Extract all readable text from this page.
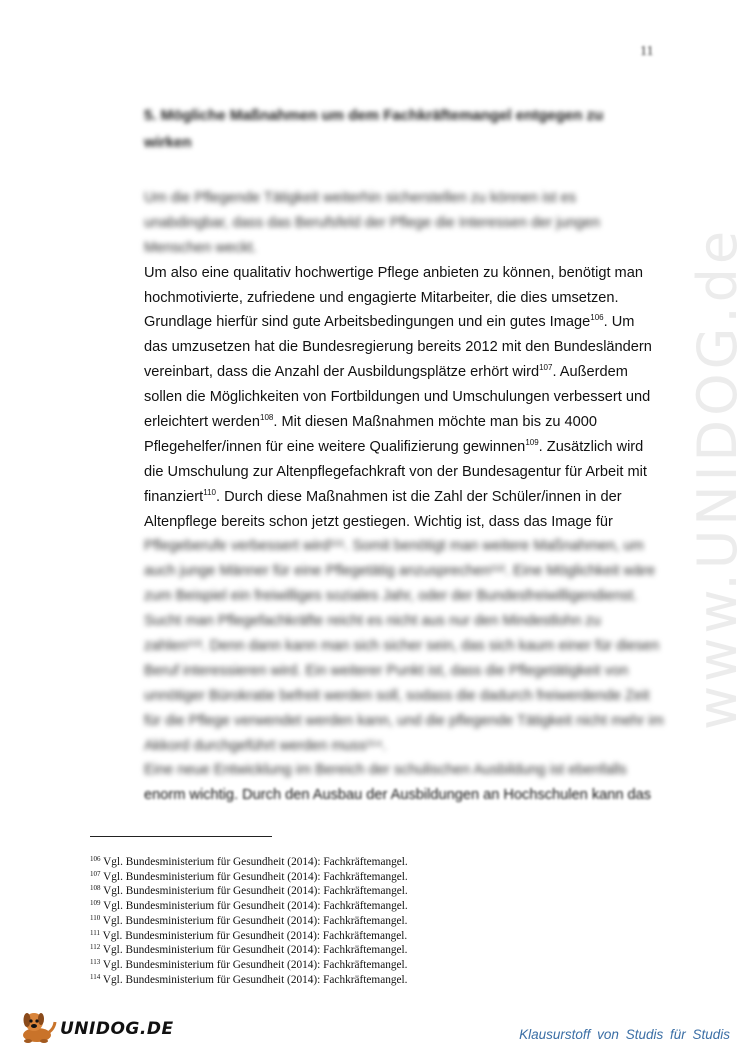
11
5. Mögliche Maßnahmen um dem Fachkräftemangel entgegen zu wirken
www.UNIDOG.de
Um die Pflegende Tätigkeit weiterhin sicherstellen zu können ist es
unabdingbar, dass das Berufsfeld der Pflege die Interessen der jungen
Menschen weckt.
Um also eine qualitativ hochwertige Pflege anbieten zu können, benötigt man
hochmotivierte, zufriedene und engagierte Mitarbeiter, die dies umsetzen.
Grundlage hierfür sind gute Arbeitsbedingungen und ein gutes Image$^{106}$. Um
das umzusetzen hat die Bundesregierung bereits 2012 mit den Bundesländern
vereinbart, dass die Anzahl der Ausbildungsplätze erhört wird$^{107}$. Außerdem
sollen die Möglichkeiten von Fortbildungen und Umschulungen verbessert und
erleichtert werden$^{108}$. Mit diesen Maßnahmen möchte man bis zu 4000
Pflegehelfer/innen für eine weitere Qualifizierung gewinnen$^{109}$. Zusätzlich wird
die Umschulung zur Altenpflegefachkraft von der Bundesagentur für Arbeit mit
finanziert$^{110}$. Durch diese Maßnahmen ist die Zahl der Schüler/innen in der
Altenpflege bereits schon jetzt gestiegen. Wichtig ist, dass das Image für
Pflegeberufe verbessert wird¹¹¹. Somit benötigt man weitere Maßnahmen, um
auch junge Männer für eine Pflegetätig anzusprechen¹¹². Eine Möglichkeit wäre
zum Beispiel ein freiwilliges soziales Jahr, oder der Bundesfreiwilligendienst.
Sucht man Pflegefachkräfte reicht es nicht aus nur den Mindestlohn zu
zahlen¹¹³. Denn dann kann man sich sicher sein, das sich kaum einer für diesen
Beruf interessieren wird. Ein weiterer Punkt ist, dass die Pflegetätigkeit von
unnötiger Bürokratie befreit werden soll, sodass die dadurch freiwerdende Zeit
für die Pflege verwendet werden kann, und die pflegende Tätigkeit nicht mehr im
Akkord durchgeführt werden muss¹¹⁴.
Eine neue Entwicklung im Bereich der schulischen Ausbildung ist ebenfalls
enorm wichtig. Durch den Ausbau der Ausbildungen an Hochschulen kann das
$^{106}$ Vgl. Bundesministerium für Gesundheit (2014): Fachkräftemangel.
$^{107}$ Vgl. Bundesministerium für Gesundheit (2014): Fachkräftemangel.
$^{108}$ Vgl. Bundesministerium für Gesundheit (2014): Fachkräftemangel.
$^{109}$ Vgl. Bundesministerium für Gesundheit (2014): Fachkräftemangel.
$^{110}$ Vgl. Bundesministerium für Gesundheit (2014): Fachkräftemangel.
$^{111}$ Vgl. Bundesministerium für Gesundheit (2014): Fachkräftemangel.
$^{112}$ Vgl. Bundesministerium für Gesundheit (2014): Fachkräftemangel.
$^{113}$ Vgl. Bundesministerium für Gesundheit (2014): Fachkräftemangel.
$^{114}$ Vgl. Bundesministerium für Gesundheit (2014): Fachkräftemangel.
UNIDOG.DE	Klausurstoff von Studis für Studis
